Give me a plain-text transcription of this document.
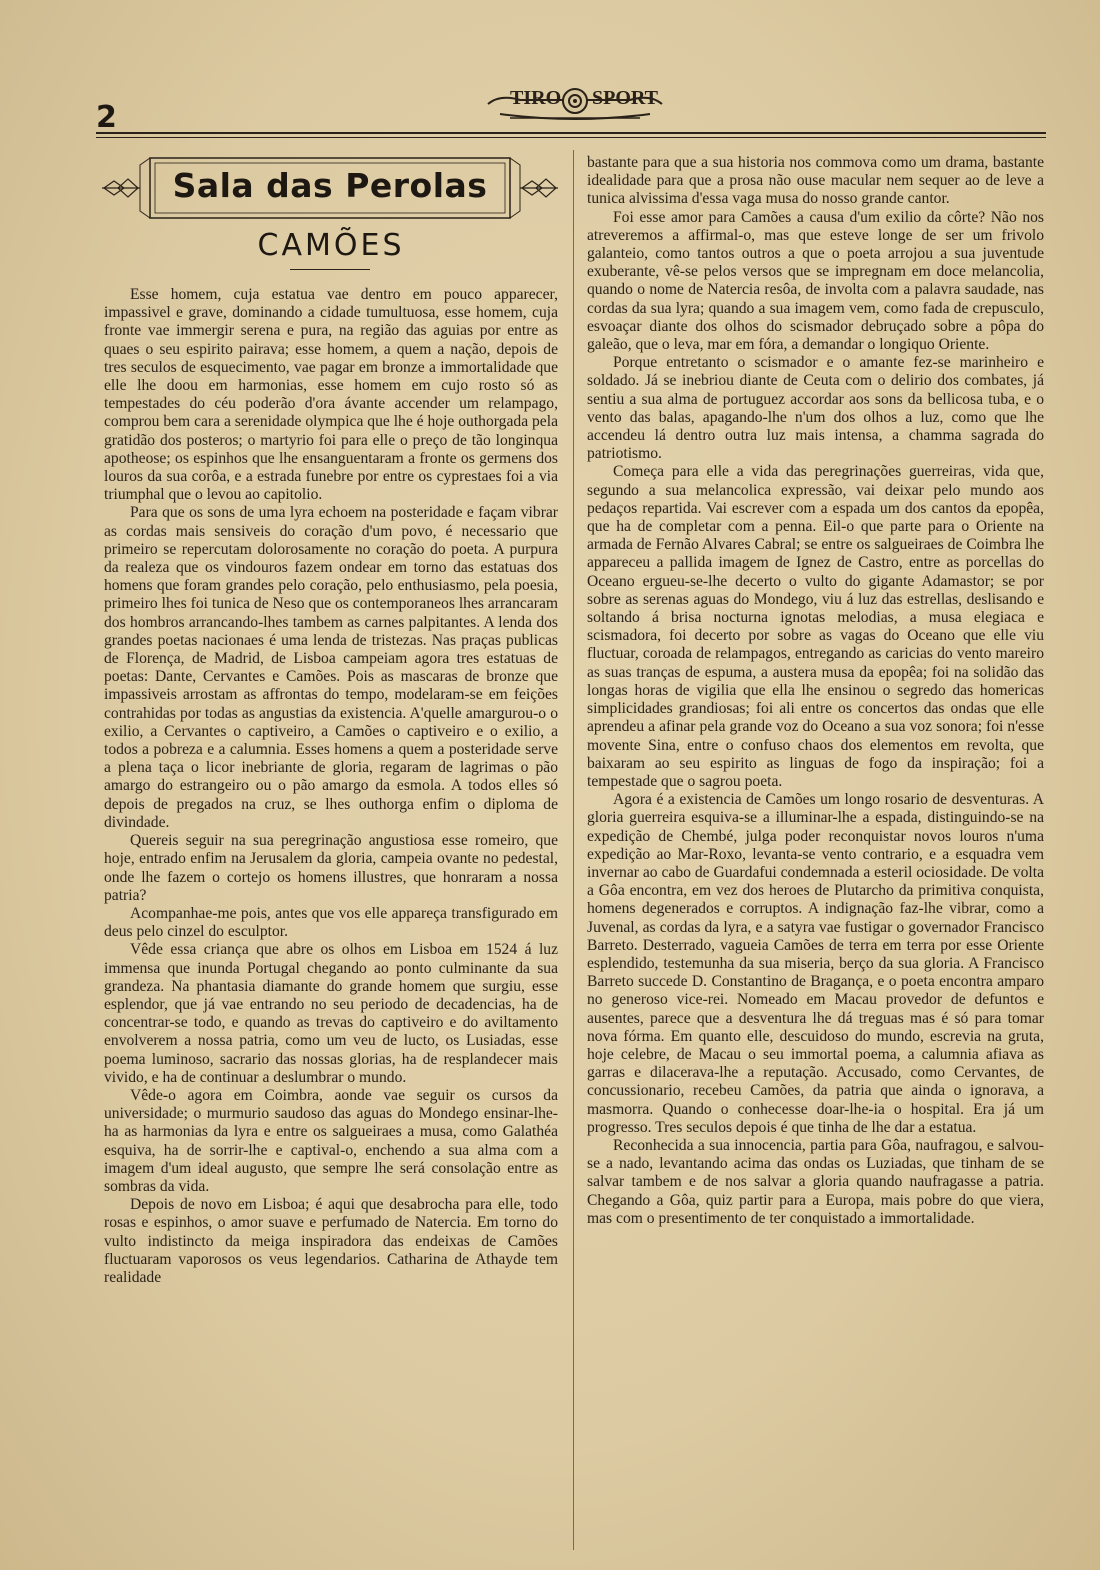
2
TIRO SPORT
Sala das Perolas
CAMÕES

Esse homem, cuja estatua vae dentro em pouco apparecer, impassivel e grave, dominando a cidade tumultuosa, esse homem, cuja fronte vae immergir serena e pura, na região das aguias por entre as quaes o seu espirito pairava; esse homem, a quem a nação, depois de tres seculos de esquecimento, vae pagar em bronze a immortalidade que elle lhe doou em harmonias, esse homem em cujo rosto só as tempestades do céu poderão d'ora ávante accender um relampago, comprou bem cara a serenidade olympica que lhe é hoje outhorgada pela gratidão dos posteros; o martyrio foi para elle o preço de tão longinqua apotheose; os espinhos que lhe ensanguentaram a fronte os germens dos louros da sua corôa, e a estrada funebre por entre os cyprestaes foi a via triumphal que o levou ao capitolio.

Para que os sons de uma lyra echoem na posteridade e façam vibrar as cordas mais sensiveis do coração d'um povo, é necessario que primeiro se repercutam dolorosamente no coração do poeta. A purpura da realeza que os vindouros fazem ondear em torno das estatuas dos homens que foram grandes pelo coração, pelo enthusiasmo, pela poesia, primeiro lhes foi tunica de Neso que os contemporaneos lhes arrancaram dos hombros arrancando-lhes tambem as carnes palpitantes. A lenda dos grandes poetas nacionaes é uma lenda de tristezas. Nas praças publicas de Florença, de Madrid, de Lisboa campeiam agora tres estatuas de poetas: Dante, Cervantes e Camões. Pois as mascaras de bronze que impassiveis arrostam as affrontas do tempo, modelaram-se em feições contrahidas por todas as angustias da existencia. A'quelle amargurou-o o exilio, a Cervantes o captiveiro, a Camões o captiveiro e o exilio, a todos a pobreza e a calumnia. Esses homens a quem a posteridade serve a plena taça o licor inebriante de gloria, regaram de lagrimas o pão amargo do estrangeiro ou o pão amargo da esmola. A todos elles só depois de pregados na cruz, se lhes outhorga enfim o diploma de divindade.

Quereis seguir na sua peregrinação angustiosa esse romeiro, que hoje, entrado enfim na Jerusalem da gloria, campeia ovante no pedestal, onde lhe fazem o cortejo os homens illustres, que honraram a nossa patria?

Acompanhae-me pois, antes que vos elle appareça transfigurado em deus pelo cinzel do esculptor.

Vêde essa criança que abre os olhos em Lisboa em 1524 á luz immensa que inunda Portugal chegando ao ponto culminante da sua grandeza. Na phantasia diamante do grande homem que surgiu, esse esplendor, que já vae entrando no seu periodo de decadencias, ha de concentrar-se todo, e quando as trevas do captiveiro e do aviltamento envolverem a nossa patria, como um veu de lucto, os Lusiadas, esse poema luminoso, sacrario das nossas glorias, ha de resplandecer mais vivido, e ha de continuar a deslumbrar o mundo.

Vêde-o agora em Coimbra, aonde vae seguir os cursos da universidade; o murmurio saudoso das aguas do Mondego ensinar-lhe-ha as harmonias da lyra e entre os salgueiraes a musa, como Galathéa esquiva, ha de sorrir-lhe e captival-o, enchendo a sua alma com a imagem d'um ideal augusto, que sempre lhe será consolação entre as sombras da vida.

Depois de novo em Lisboa; é aqui que desabrocha para elle, todo rosas e espinhos, o amor suave e perfumado de Natercia. Em torno do vulto indistincto da meiga inspiradora das endeixas de Camões fluctuaram vaporosos os veus legendarios. Catharina de Athayde tem realidade

bastante para que a sua historia nos commova como um drama, bastante idealidade para que a prosa não ouse macular nem sequer ao de leve a tunica alvissima d'essa vaga musa do nosso grande cantor.

Foi esse amor para Camões a causa d'um exilio da côrte? Não nos atreveremos a affirmal-o, mas que esteve longe de ser um frivolo galanteio, como tantos outros a que o poeta arrojou a sua juventude exuberante, vê-se pelos versos que se impregnam em doce melancolia, quando o nome de Natercia resôa, de involta com a palavra saudade, nas cordas da sua lyra; quando a sua imagem vem, como fada de crepusculo, esvoaçar diante dos olhos do scismador debruçado sobre a pôpa do galeão, que o leva, mar em fóra, a demandar o longiquo Oriente.

Porque entretanto o scismador e o amante fez-se marinheiro e soldado. Já se inebriou diante de Ceuta com o delirio dos combates, já sentiu a sua alma de portuguez accordar aos sons da bellicosa tuba, e o vento das balas, apagando-lhe n'um dos olhos a luz, como que lhe accendeu lá dentro outra luz mais intensa, a chamma sagrada do patriotismo.

Começa para elle a vida das peregrinações guerreiras, vida que, segundo a sua melancolica expressão, vai deixar pelo mundo aos pedaços repartida. Vai escrever com a espada um dos cantos da epopêa, que ha de completar com a penna. Eil-o que parte para o Oriente na armada de Fernão Alvares Cabral; se entre os salgueiraes de Coimbra lhe appareceu a pallida imagem de Ignez de Castro, entre as porcellas do Oceano ergueu-se-lhe decerto o vulto do gigante Adamastor; se por sobre as serenas aguas do Mondego, viu á luz das estrellas, deslisando e soltando á brisa nocturna ignotas melodias, a musa elegiaca e scismadora, foi decerto por sobre as vagas do Oceano que elle viu fluctuar, coroada de relampagos, entregando as caricias do vento mareiro as suas tranças de espuma, a austera musa da epopêa; foi na solidão das longas horas de vigilia que ella lhe ensinou o segredo das homericas simplicidades grandiosas; foi ali entre os concertos das ondas que elle aprendeu a afinar pela grande voz do Oceano a sua voz sonora; foi n'esse movente Sina, entre o confuso chaos dos elementos em revolta, que baixaram ao seu espirito as linguas de fogo da inspiração; foi a tempestade que o sagrou poeta.

Agora é a existencia de Camões um longo rosario de desventuras. A gloria guerreira esquiva-se a illuminar-lhe a espada, distinguindo-se na expedição de Chembé, julga poder reconquistar novos louros n'uma expedição ao Mar-Roxo, levanta-se vento contrario, e a esquadra vem invernar ao cabo de Guardafui condemnada a esteril ociosidade. De volta a Gôa encontra, em vez dos heroes de Plutarcho da primitiva conquista, homens degenerados e corruptos. A indignação faz-lhe vibrar, como a Juvenal, as cordas da lyra, e a satyra vae fustigar o governador Francisco Barreto. Desterrado, vagueia Camões de terra em terra por esse Oriente esplendido, testemunha da sua miseria, berço da sua gloria. A Francisco Barreto succede D. Constantino de Bragança, e o poeta encontra amparo no generoso vice-rei. Nomeado em Macau provedor de defuntos e ausentes, parece que a desventura lhe dá treguas mas é só para tomar nova fórma. Em quanto elle, descuidoso do mundo, escrevia na gruta, hoje celebre, de Macau o seu immortal poema, a calumnia afiava as garras e dilacerava-lhe a reputação. Accusado, como Cervantes, de concussionario, recebeu Camões, da patria que ainda o ignorava, a masmorra. Quando o conhecesse doar-lhe-ia o hospital. Era já um progresso. Tres seculos depois é que tinha de lhe dar a estatua.

Reconhecida a sua innocencia, partia para Gôa, naufragou, e salvou-se a nado, levantando acima das ondas os Luziadas, que tinham de se salvar tambem e de nos salvar a gloria quando naufragasse a patria. Chegando a Gôa, quiz partir para a Europa, mais pobre do que viera, mas com o presentimento de ter conquistado a immortalidade.
